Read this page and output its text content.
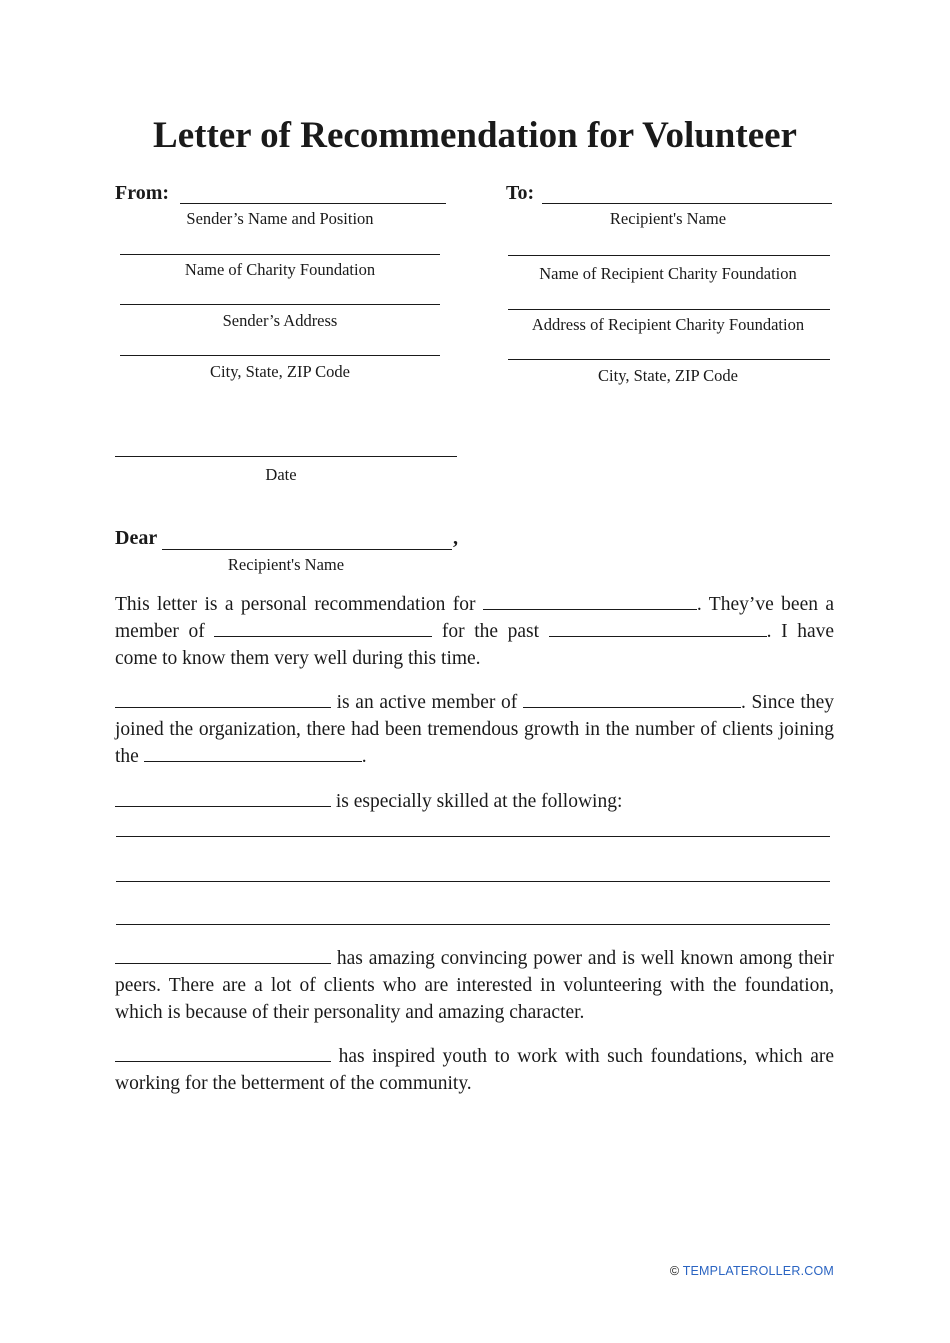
Letter of Recommendation for Volunteer
From:
Sender’s Name and Position
Name of Charity Foundation
Sender’s Address
City, State, ZIP Code
Date
To:
Recipient's Name
Name of Recipient Charity Foundation
Address of Recipient Charity Foundation
City, State, ZIP Code
Dear	,
Recipient's Name
This letter is a personal recommendation for	. They’ve been a member of	for the past	. I have come to know them very well during this time.
is an active member of	. Since they joined the organization, there had been tremendous growth in the number of clients joining the	.
is especially skilled at the following:
has amazing convincing power and is well known among their peers. There are a lot of clients who are interested in volunteering with the foundation, which is because of their personality and amazing character.
has inspired youth to work with such foundations, which are working for the betterment of the community.
© TEMPLATEROLLER.COM
